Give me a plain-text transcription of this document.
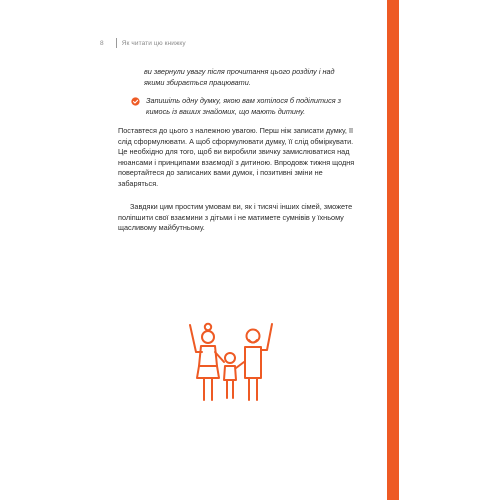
8	Як читати цю книжку
ви звернули увагу після прочитання цього розділу і над якими збирається працювати.
Запишіть одну думку, якою вам хотілося б поділитися з кимось із ваших знайомих, що мають дитину.

Поставтеся до цього з належною увагою. Перш ніж записати думку, її слід сформулювати. А щоб сформулювати думку, її слід обміркувати. Це необхідно для того, щоб ви виробили звичку замислюватися над нюансами і принципами взаємодії з дитиною. Впродовж тижня щодня повертайтеся до записаних вами думок, і позитивні зміни не забаряться.

Завдяки цим простим умовам ви, як і тисячі інших сімей, зможете поліпшити свої взаємини з дітьми і не матимете сумнівів у їхньому щасливому майбутньому.
